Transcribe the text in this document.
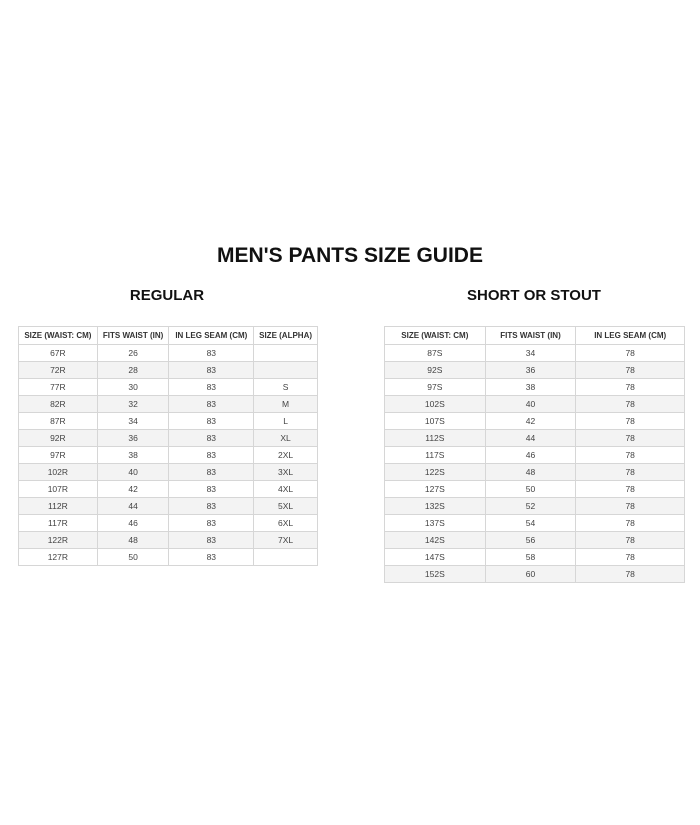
MEN'S PANTS SIZE GUIDE
REGULAR	SHORT OR STOUT
SIZE (WAIST: CM)	FITS WAIST (IN)	IN LEG SEAM (CM)	SIZE (ALPHA)
67R	26	83	
72R	28	83	
77R	30	83	S
82R	32	83	M
87R	34	83	L
92R	36	83	XL
97R	38	83	2XL
102R	40	83	3XL
107R	42	83	4XL
112R	44	83	5XL
117R	46	83	6XL
122R	48	83	7XL
127R	50	83	
SIZE (WAIST: CM)	FITS WAIST (IN)	IN LEG SEAM (CM)
87S	34	78
92S	36	78
97S	38	78
102S	40	78
107S	42	78
112S	44	78
117S	46	78
122S	48	78
127S	50	78
132S	52	78
137S	54	78
142S	56	78
147S	58	78
152S	60	78
